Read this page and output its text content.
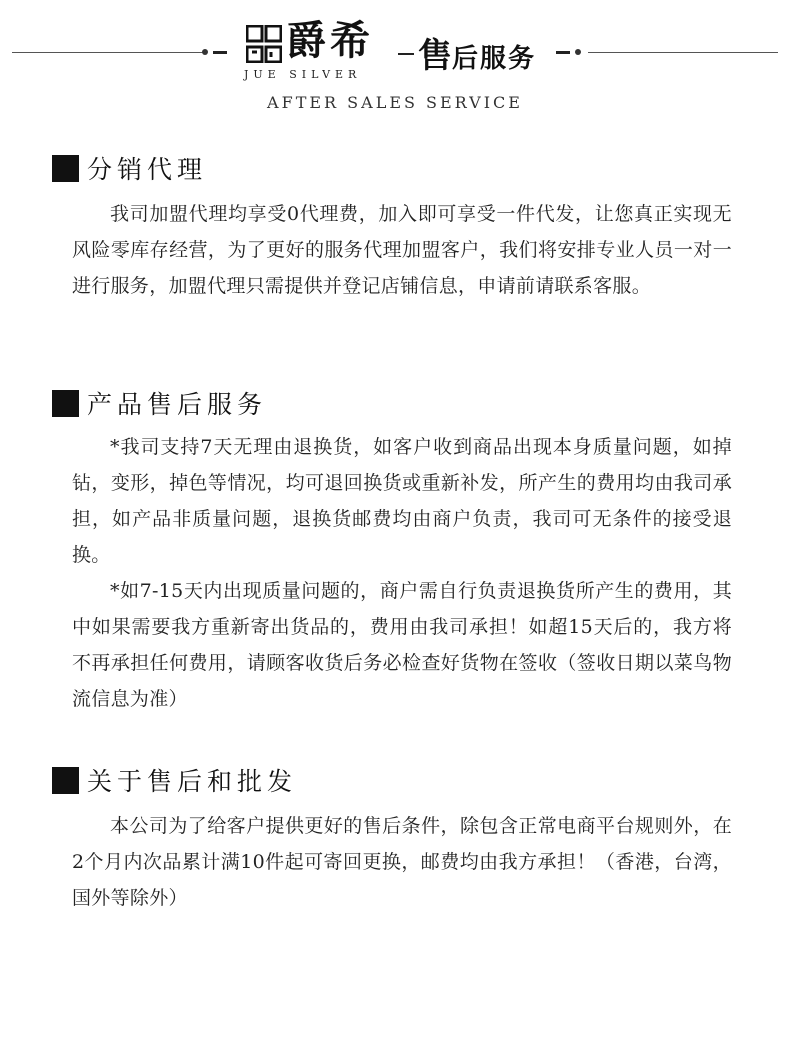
爵希
JUE SILVER 售后服务
AFTER SALES SERVICE
分销代理
我司加盟代理均享受0代理费，加入即可享受一件代发，让您真正实现无风险零库存经营，为了更好的服务代理加盟客户，我们将安排专业人员一对一进行服务，加盟代理只需提供并登记店铺信息，申请前请联系客服。
产品售后服务
*我司支持7天无理由退换货，如客户收到商品出现本身质量问题，如掉钻，变形，掉色等情况，均可退回换货或重新补发，所产生的费用均由我司承担，如产品非质量问题，退换货邮费均由商户负责，我司可无条件的接受退换。
*如7-15天内出现质量问题的，商户需自行负责退换货所产生的费用，其中如果需要我方重新寄出货品的，费用由我司承担！如超15天后的，我方将不再承担任何费用，请顾客收货后务必检查好货物在签收（签收日期以菜鸟物流信息为准）
关于售后和批发
本公司为了给客户提供更好的售后条件，除包含正常电商平台规则外，在2个月内次品累计满10件起可寄回更换，邮费均由我方承担！（香港，台湾，国外等除外）
